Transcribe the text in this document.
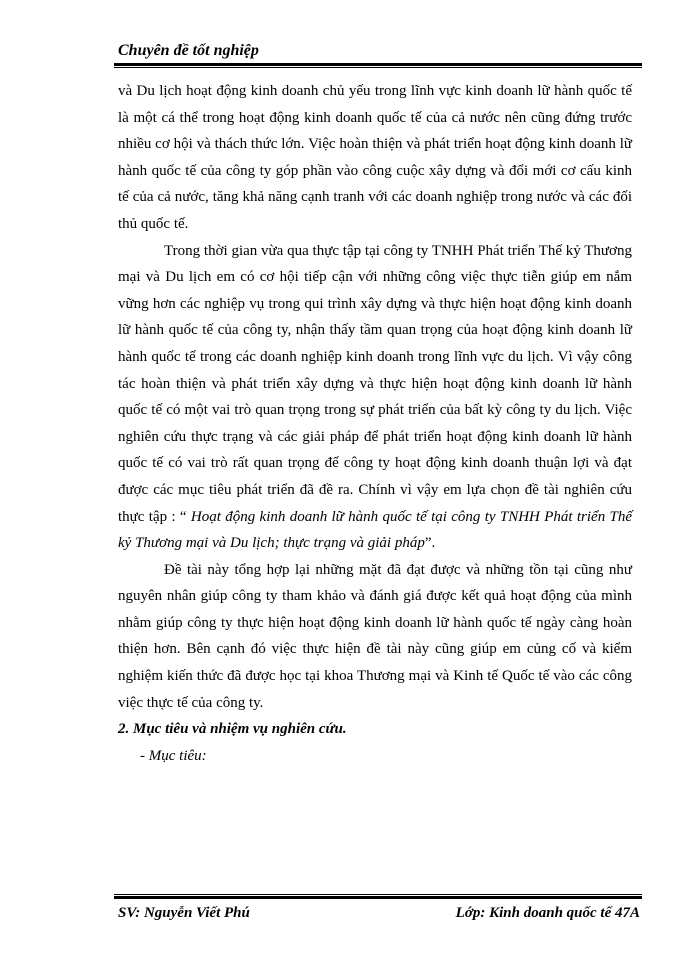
Chuyên đề tốt nghiệp

và Du lịch hoạt động kinh doanh chủ yếu trong lĩnh vực kinh doanh lữ hành quốc tế là một cá thể trong hoạt động kinh doanh quốc tế của cả nước nên cũng đứng trước nhiều cơ hội và thách thức lớn. Việc hoàn thiện và phát triển hoạt động kinh doanh lữ hành quốc tế của công ty góp phần vào công cuộc xây dựng và đổi mới cơ cấu kinh tế của cả nước, tăng khả năng cạnh tranh với các doanh nghiệp trong nước và các đối thủ quốc tế.

Trong thời gian vừa qua thực tập tại công ty TNHH Phát triển Thế kỷ Thương mại và Du lịch em có cơ hội tiếp cận với những công việc thực tiễn giúp em nắm vững hơn các nghiệp vụ trong qui trình xây dựng và thực hiện hoạt động kinh doanh lữ hành quốc tế của công ty, nhận thấy tầm quan trọng của hoạt động kinh doanh lữ hành quốc tế trong các doanh nghiệp kinh doanh trong lĩnh vực du lịch. Vì vậy công tác hoàn thiện và phát triển xây dựng và thực hiện hoạt động kinh doanh lữ hành quốc tế có một vai trò quan trọng trong sự phát triển của bất kỳ công ty du lịch. Việc nghiên cứu thực trạng và các giải pháp để phát triển hoạt động kinh doanh lữ hành quốc tế có vai trò rất quan trọng để công ty hoạt động kinh doanh thuận lợi và đạt được các mục tiêu phát triển đã đề ra. Chính vì vậy em lựa chọn đề tài nghiên cứu thực tập : “ Hoạt động kinh doanh lữ hành quốc tế tại công ty TNHH Phát triển Thế kỷ Thương mại và Du lịch; thực trạng và giải pháp”.

Đề tài này tổng hợp lại những mặt đã đạt được và những tồn tại cũng như nguyên nhân giúp công ty tham khảo và đánh giá được kết quả hoạt động của mình nhằm giúp công ty thực hiện hoạt động kinh doanh lữ hành quốc tế ngày càng hoàn thiện hơn. Bên cạnh đó việc thực hiện đề tài này cũng giúp em củng cố và kiểm nghiệm kiến thức đã được học tại khoa Thương mại và Kinh tế Quốc tế vào các công việc thực tế của công ty.

2. Mục tiêu và nhiệm vụ nghiên cứu.

- Mục tiêu:

SV: Nguyễn Viết Phú	Lớp: Kinh doanh quốc tế 47A
